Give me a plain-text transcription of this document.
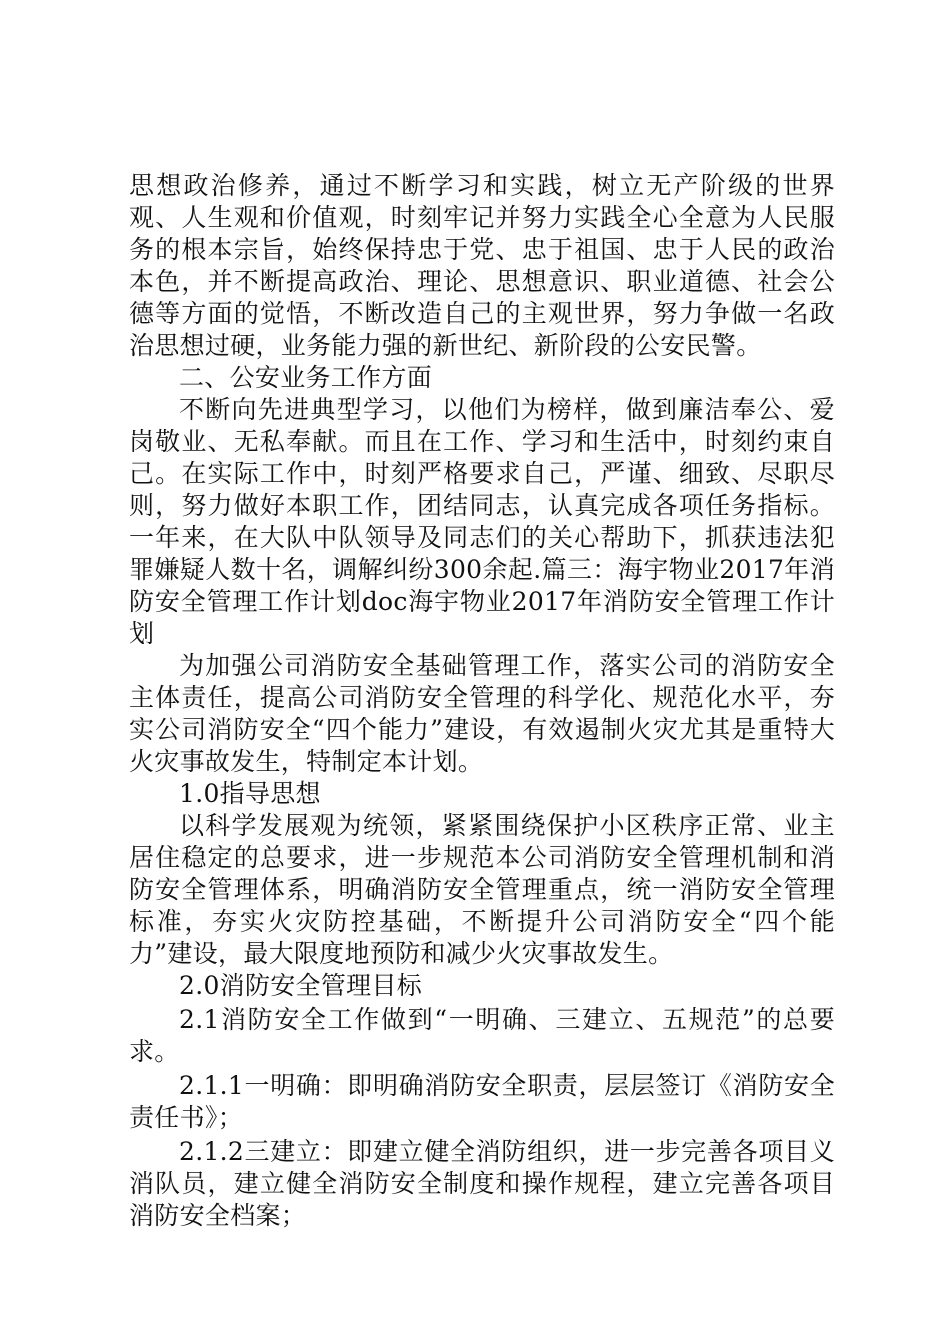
思想政治修养，通过不断学习和实践，树立无产阶级的世界观、人生观和价值观，时刻牢记并努力实践全心全意为人民服务的根本宗旨，始终保持忠于党、忠于祖国、忠于人民的政治本色，并不断提高政治、理论、思想意识、职业道德、社会公德等方面的觉悟，不断改造自己的主观世界，努力争做一名政治思想过硬，业务能力强的新世纪、新阶段的公安民警。

二、公安业务工作方面

不断向先进典型学习，以他们为榜样，做到廉洁奉公、爱岗敬业、无私奉献。而且在工作、学习和生活中，时刻约束自己。在实际工作中，时刻严格要求自己，严谨、细致、尽职尽则，努力做好本职工作，团结同志，认真完成各项任务指标。一年来，在大队中队领导及同志们的关心帮助下，抓获违法犯罪嫌疑人数十名，调解纠纷300余起.篇三：海宇物业2017年消防安全管理工作计划doc海宇物业2017年消防安全管理工作计划

为加强公司消防安全基础管理工作，落实公司的消防安全主体责任，提高公司消防安全管理的科学化、规范化水平，夯实公司消防安全“四个能力”建设，有效遏制火灾尤其是重特大火灾事故发生，特制定本计划。

1.0指导思想

以科学发展观为统领，紧紧围绕保护小区秩序正常、业主居住稳定的总要求，进一步规范本公司消防安全管理机制和消防安全管理体系，明确消防安全管理重点，统一消防安全管理标准，夯实火灾防控基础，不断提升公司消防安全“四个能力”建设，最大限度地预防和减少火灾事故发生。

2.0消防安全管理目标

2.1消防安全工作做到“一明确、三建立、五规范”的总要求。

2.1.1一明确：即明确消防安全职责，层层签订《消防安全责任书》；

2.1.2三建立：即建立健全消防组织，进一步完善各项目义消队员，建立健全消防安全制度和操作规程，建立完善各项目消防安全档案；
